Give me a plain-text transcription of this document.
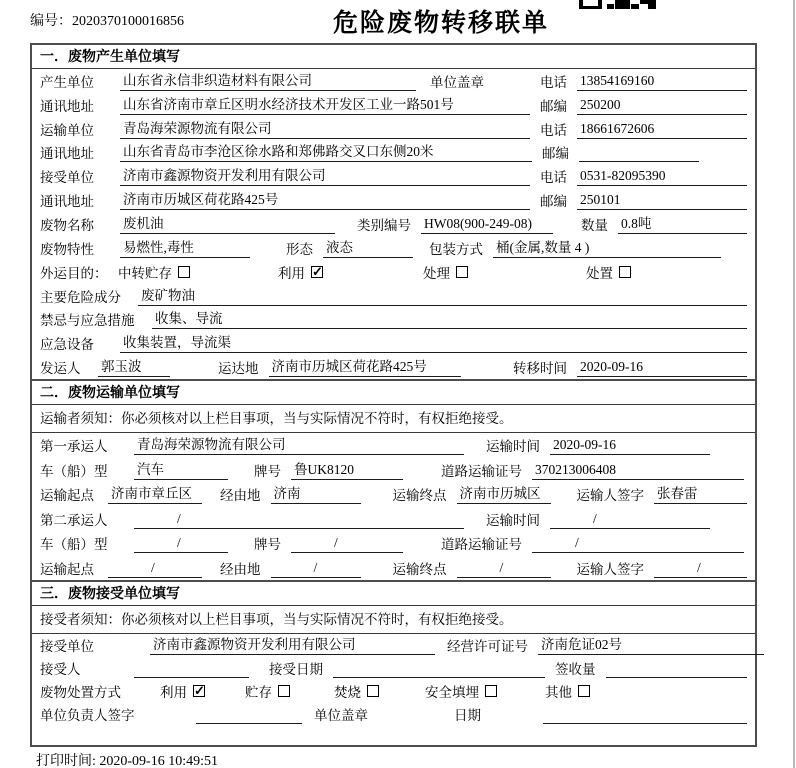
编号：2020370100016856	危险废物转移联单
一．废物产生单位填写
产生单位	山东省永信非织造材料有限公司	单位盖章	电话 13854169160
通讯地址	山东省济南市章丘区明水经济技术开发区工业一路501号	邮编 250200
运输单位	青岛海荣源物流有限公司	电话 18661672606
通讯地址	山东省青岛市李沧区徐水路和郑佛路交叉口东侧20米	邮编
接受单位	济南市鑫源物资开发利用有限公司	电话 0531-82095390
通讯地址	济南市历城区荷花路425号	邮编 250101
废物名称	废机油	类别编号 HW08(900-249-08)	数量 0.8吨
废物特性	易燃性,毒性	形态 液态	包装方式 桶(金属,数量 4 )
外运目的： 中转贮存	利用 ✓	处理	处置
主要危险成分	废矿物油
禁忌与应急措施	收集、导流
应急设备	收集装置，导流渠
发运人	郭玉波	运达地 济南市历城区荷花路425号	转移时间 2020-09-16
二．废物运输单位填写
运输者须知：你必须核对以上栏目事项，当与实际情况不符时，有权拒绝接受。
第一承运人	青岛海荣源物流有限公司	运输时间 2020-09-16
车（船）型	汽车	牌号 鲁UK8120	道路运输证号 370213006408
运输起点 济南市章丘区	经由地 济南	运输终点 济南市历城区	运输人签字 张春雷
第二承运人	/	运输时间	/
车（船）型	/	牌号	/	道路运输证号	/
运输起点	/	经由地	/	运输终点	/	运输人签字	/
三．废物接受单位填写
接受者须知：你必须核对以上栏目事项，当与实际情况不符时，有权拒绝接受。
接受单位	济南市鑫源物资开发利用有限公司	经营许可证号 济南危证02号
接受人	接受日期	签收量
废物处置方式	利用 ✓	贮存	焚烧	安全填埋	其他
单位负责人签字	单位盖章	日期
打印时间: 2020-09-16 10:49:51
